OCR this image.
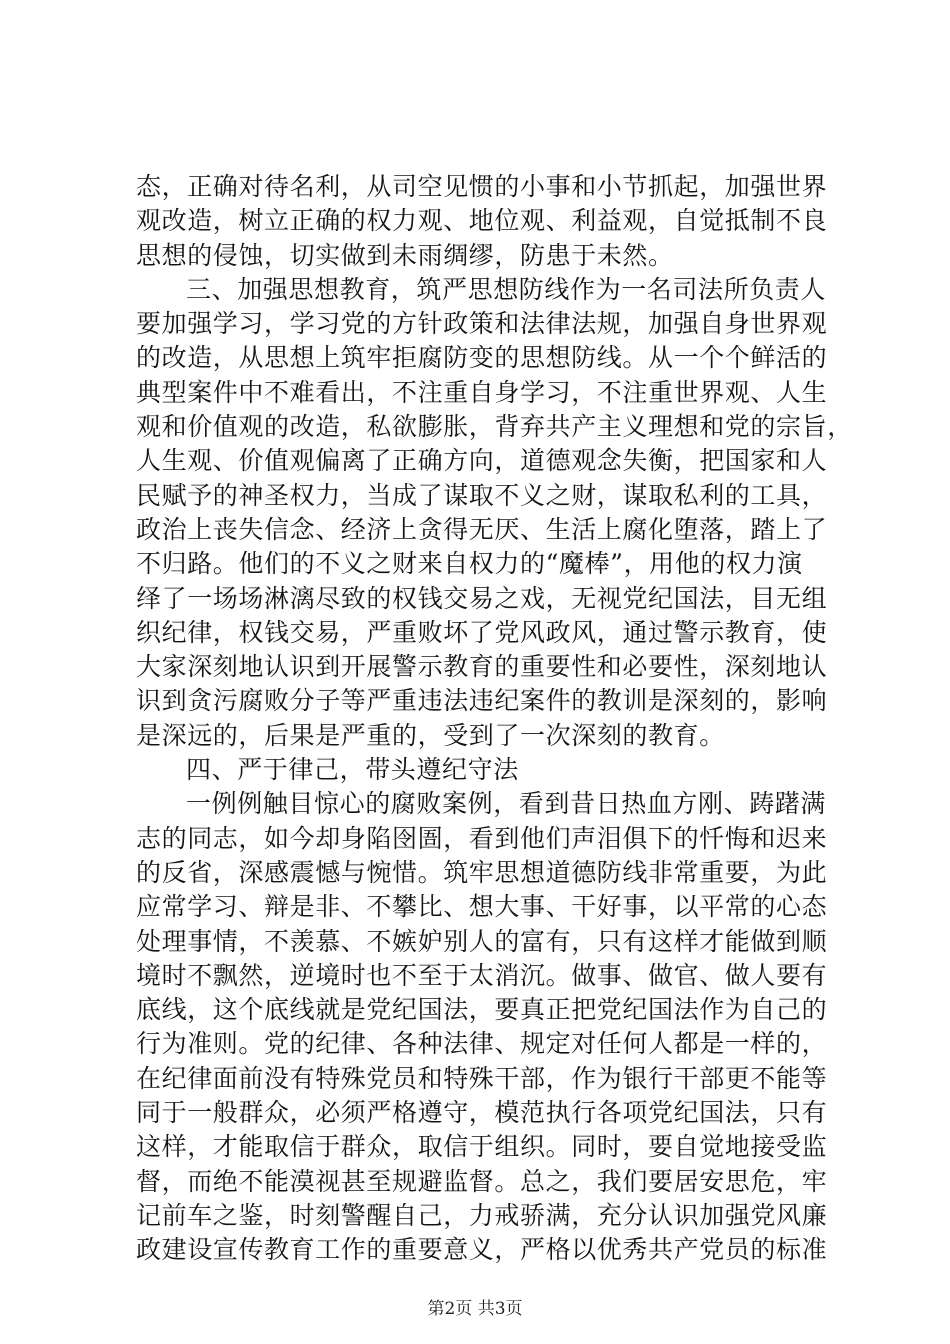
态，正确对待名利，从司空见惯的小事和小节抓起，加强世界
观改造，树立正确的权力观、地位观、利益观，自觉抵制不良
思想的侵蚀，切实做到未雨绸缪，防患于未然。
三、加强思想教育，筑严思想防线作为一名司法所负责人
要加强学习，学习党的方针政策和法律法规，加强自身世界观
的改造，从思想上筑牢拒腐防变的思想防线。从一个个鲜活的
典型案件中不难看出，不注重自身学习，不注重世界观、人生
观和价值观的改造，私欲膨胀，背弃共产主义理想和党的宗旨，
人生观、价值观偏离了正确方向，道德观念失衡，把国家和人
民赋予的神圣权力，当成了谋取不义之财，谋取私利的工具，
政治上丧失信念、经济上贪得无厌、生活上腐化堕落，踏上了
不归路。他们的不义之财来自权力的“魔棒”，用他的权力演
绎了一场场淋漓尽致的权钱交易之戏，无视党纪国法，目无组
织纪律，权钱交易，严重败坏了党风政风，通过警示教育，使
大家深刻地认识到开展警示教育的重要性和必要性，深刻地认
识到贪污腐败分子等严重违法违纪案件的教训是深刻的，影响
是深远的，后果是严重的，受到了一次深刻的教育。
四、严于律己，带头遵纪守法
一例例触目惊心的腐败案例，看到昔日热血方刚、踌躇满
志的同志，如今却身陷囹圄，看到他们声泪俱下的忏悔和迟来
的反省，深感震憾与惋惜。筑牢思想道德防线非常重要，为此
应常学习、辩是非、不攀比、想大事、干好事，以平常的心态
处理事情，不羡慕、不嫉妒别人的富有，只有这样才能做到顺
境时不飘然，逆境时也不至于太消沉。做事、做官、做人要有
底线，这个底线就是党纪国法，要真正把党纪国法作为自己的
行为准则。党的纪律、各种法律、规定对任何人都是一样的，
在纪律面前没有特殊党员和特殊干部，作为银行干部更不能等
同于一般群众，必须严格遵守，模范执行各项党纪国法，只有
这样，才能取信于群众，取信于组织。同时，要自觉地接受监
督，而绝不能漠视甚至规避监督。总之，我们要居安思危，牢
记前车之鉴，时刻警醒自己，力戒骄满，充分认识加强党风廉
政建设宣传教育工作的重要意义，严格以优秀共产党员的标准
第2页 共3页
